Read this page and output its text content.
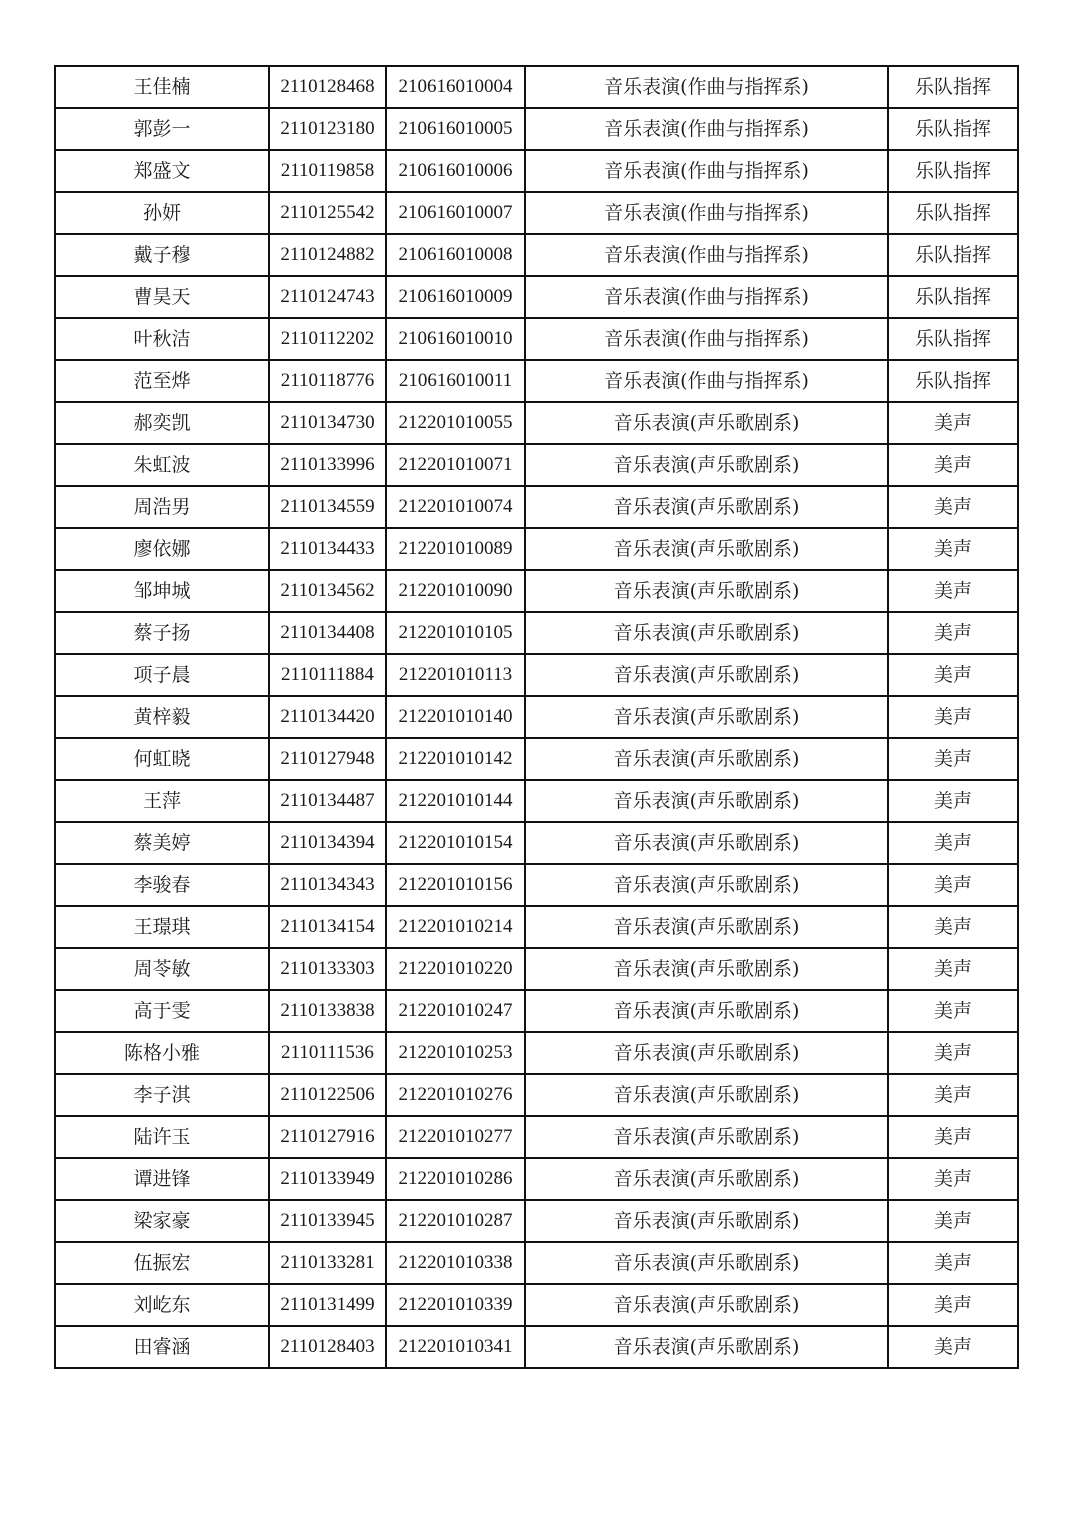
王佳楠	2110128468	210616010004	音乐表演(作曲与指挥系)	乐队指挥
郭彭一	2110123180	210616010005	音乐表演(作曲与指挥系)	乐队指挥
郑盛文	2110119858	210616010006	音乐表演(作曲与指挥系)	乐队指挥
孙妍	2110125542	210616010007	音乐表演(作曲与指挥系)	乐队指挥
戴子穆	2110124882	210616010008	音乐表演(作曲与指挥系)	乐队指挥
曹昊天	2110124743	210616010009	音乐表演(作曲与指挥系)	乐队指挥
叶秋洁	2110112202	210616010010	音乐表演(作曲与指挥系)	乐队指挥
范至烨	2110118776	210616010011	音乐表演(作曲与指挥系)	乐队指挥
郝奕凯	2110134730	212201010055	音乐表演(声乐歌剧系)	美声
朱虹波	2110133996	212201010071	音乐表演(声乐歌剧系)	美声
周浩男	2110134559	212201010074	音乐表演(声乐歌剧系)	美声
廖依娜	2110134433	212201010089	音乐表演(声乐歌剧系)	美声
邹坤城	2110134562	212201010090	音乐表演(声乐歌剧系)	美声
蔡子扬	2110134408	212201010105	音乐表演(声乐歌剧系)	美声
项子晨	2110111884	212201010113	音乐表演(声乐歌剧系)	美声
黄梓毅	2110134420	212201010140	音乐表演(声乐歌剧系)	美声
何虹晓	2110127948	212201010142	音乐表演(声乐歌剧系)	美声
王萍	2110134487	212201010144	音乐表演(声乐歌剧系)	美声
蔡美婷	2110134394	212201010154	音乐表演(声乐歌剧系)	美声
李骏春	2110134343	212201010156	音乐表演(声乐歌剧系)	美声
王璟琪	2110134154	212201010214	音乐表演(声乐歌剧系)	美声
周苓敏	2110133303	212201010220	音乐表演(声乐歌剧系)	美声
高于雯	2110133838	212201010247	音乐表演(声乐歌剧系)	美声
陈格小雅	2110111536	212201010253	音乐表演(声乐歌剧系)	美声
李子淇	2110122506	212201010276	音乐表演(声乐歌剧系)	美声
陆许玉	2110127916	212201010277	音乐表演(声乐歌剧系)	美声
谭进锋	2110133949	212201010286	音乐表演(声乐歌剧系)	美声
梁家豪	2110133945	212201010287	音乐表演(声乐歌剧系)	美声
伍振宏	2110133281	212201010338	音乐表演(声乐歌剧系)	美声
刘屹东	2110131499	212201010339	音乐表演(声乐歌剧系)	美声
田睿涵	2110128403	212201010341	音乐表演(声乐歌剧系)	美声
